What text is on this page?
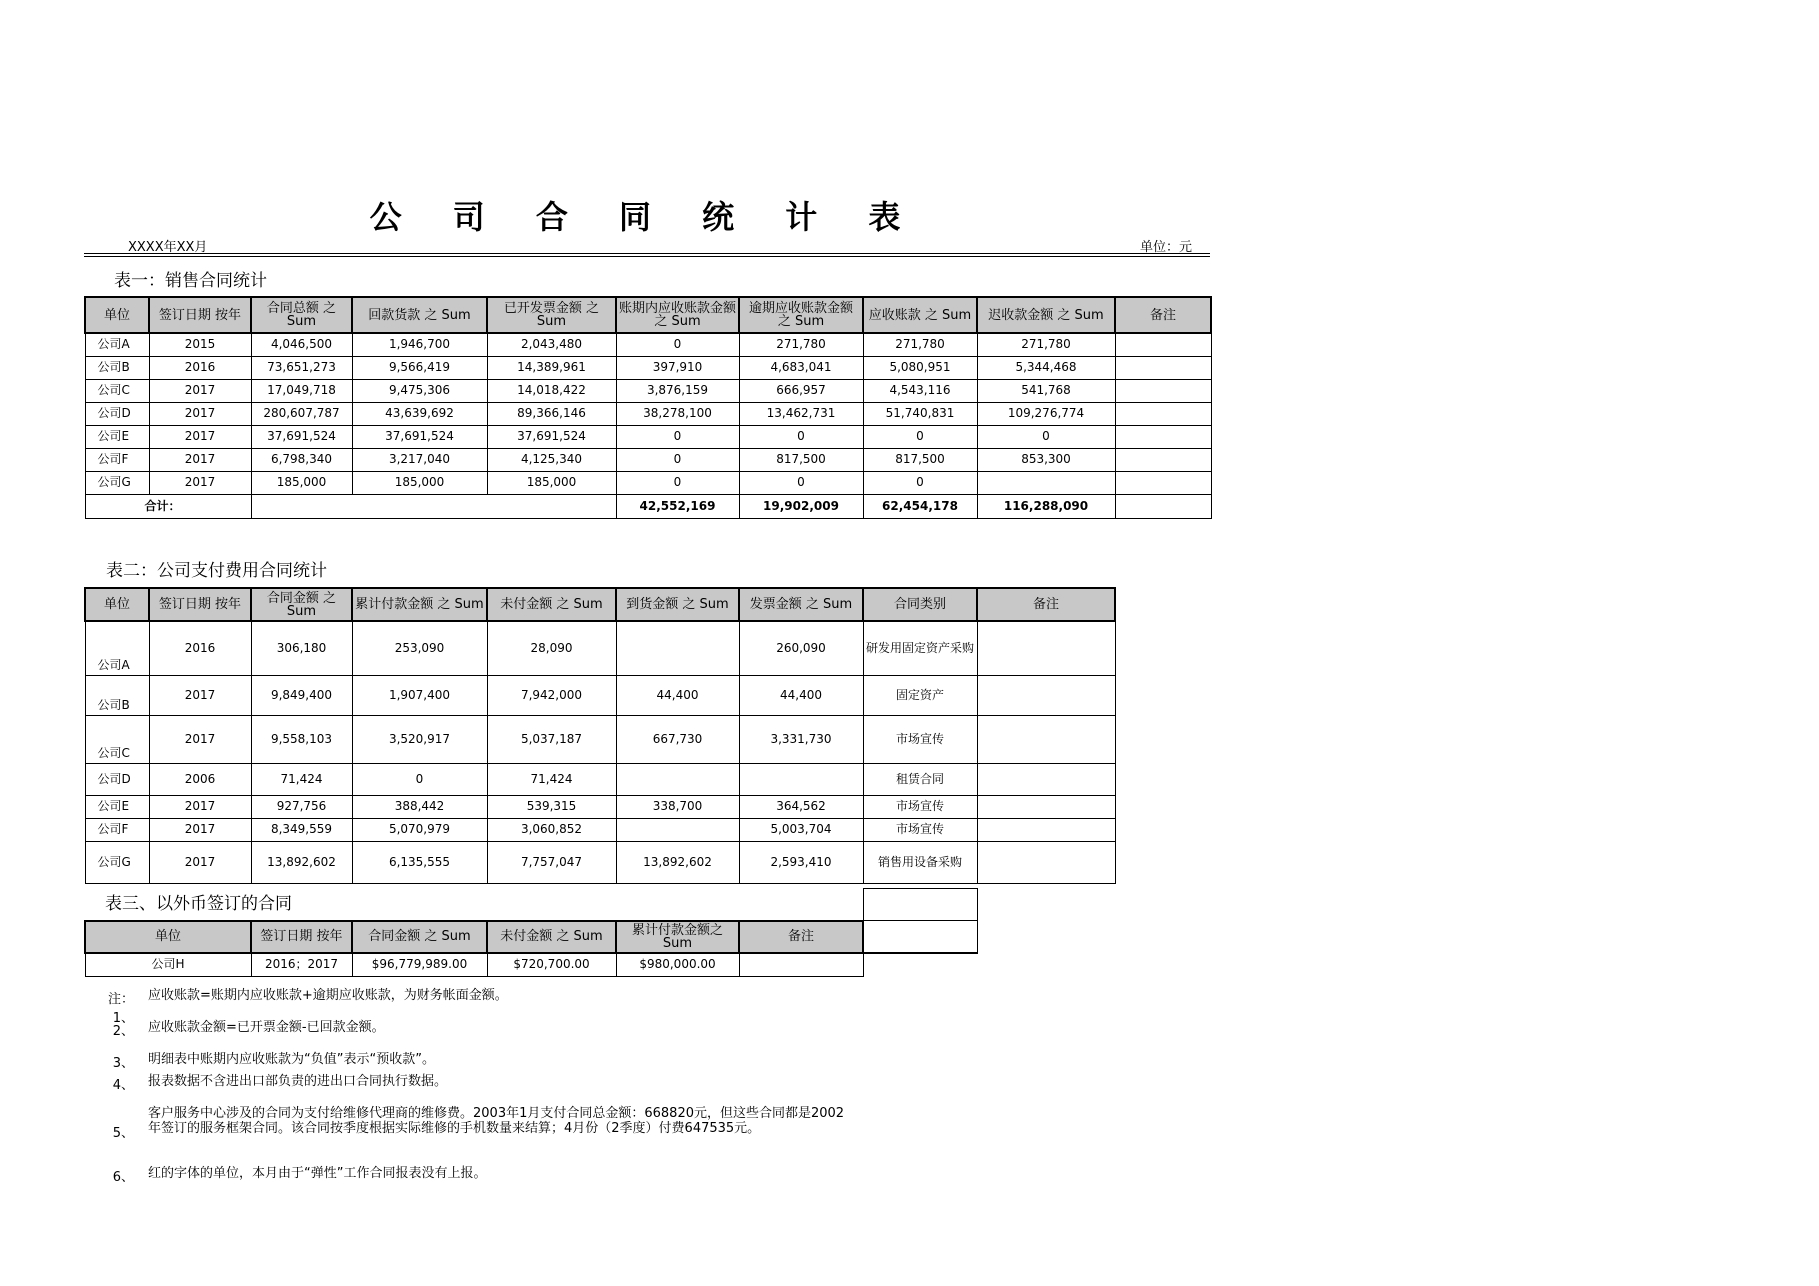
公 司 合 同 统 计 表
XXXX年XX月	单位：元
表一：销售合同统计
单位	签订日期 按年	合同总额 之 Sum	回款货款 之 Sum	已开发票金额 之 Sum	账期内应收账款金额 之 Sum	逾期应收账款金额 之 Sum	应收账款 之 Sum	迟收款金额 之 Sum	备注
公司A	2015	4,046,500	1,946,700	2,043,480	0	271,780	271,780	271,780	
公司B	2016	73,651,273	9,566,419	14,389,961	397,910	4,683,041	5,080,951	5,344,468	
公司C	2017	17,049,718	9,475,306	14,018,422	3,876,159	666,957	4,543,116	541,768	
公司D	2017	280,607,787	43,639,692	89,366,146	38,278,100	13,462,731	51,740,831	109,276,774	
公司E	2017	37,691,524	37,691,524	37,691,524	0	0	0	0	
公司F	2017	6,798,340	3,217,040	4,125,340	0	817,500	817,500	853,300	
公司G	2017	185,000	185,000	185,000	0	0	0		
合计：					42,552,169	19,902,009	62,454,178	116,288,090	
表二：公司支付费用合同统计
单位	签订日期 按年	合同金额 之 Sum	累计付款金额 之 Sum	未付金额 之 Sum	到货金额 之 Sum	发票金额 之 Sum	合同类别	备注
公司A	2016	306,180	253,090	28,090		260,090	研发用固定资产采购	
公司B	2017	9,849,400	1,907,400	7,942,000	44,400	44,400	固定资产	
公司C	2017	9,558,103	3,520,917	5,037,187	667,730	3,331,730	市场宣传	
公司D	2006	71,424	0	71,424			租赁合同	
公司E	2017	927,756	388,442	539,315	338,700	364,562	市场宣传	
公司F	2017	8,349,559	5,070,979	3,060,852		5,003,704	市场宣传	
公司G	2017	13,892,602	6,135,555	7,757,047	13,892,602	2,593,410	销售用设备采购	
表三、以外币签订的合同						
单位	签订日期 按年	合同金额 之 Sum	未付金额 之 Sum	累计付款金额之 Sum	备注	
公司H	2016；2017	$96,779,989.00	$720,700.00	$980,000.00		
注：1、
应收账款=账期内应收账款+逾期应收账款，为财务帐面金额。
2、 应收账款金额=已开票金额-已回款金额。
3、 明细表中账期内应收账款为“负值”表示“预收款”。
4、 报表数据不含进出口部负责的进出口合同执行数据。
5、
客户服务中心涉及的合同为支付给维修代理商的维修费。2003年1月支付合同总金额：668820元，但这些合同都是2002年签订的服务框架合同。该合同按季度根据实际维修的手机数量来结算；4月份（2季度）付费647535元。
6、 红的字体的单位，本月由于“弹性”工作合同报表没有上报。
